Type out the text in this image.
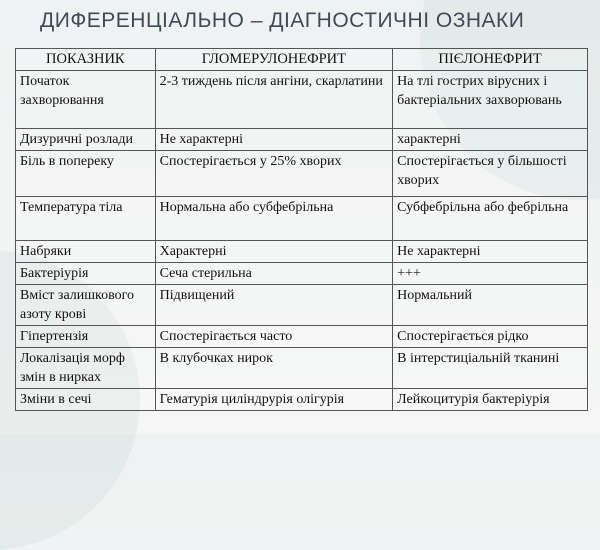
ДИФЕРЕНЦІАЛЬНО – ДІАГНОСТИЧНІ ОЗНАКИ
ПОКАЗНИК	ГЛОМЕРУЛОНЕФРИТ	ПІЄЛОНЕФРИТ
Початок захворювання	2-3 тиждень після ангіни, скарлатини	На тлі гострих вірусних і бактеріальних захворювань
Дизуричні розлади	Не характерні	характерні
Біль в попереку	Спостерігається у 25% хворих	Спостерігається у більшості хворих
Температура тіла	Нормальна або субфебрільна	Субфебрільна або фебрільна
Набряки	Характерні	Не характерні
Бактеріурія	Сеча стерильна	+++
Вміст залишкового азоту крові	Підвищений	Нормальний
Гіпертензія	Спостерігається часто	Спостерігається рідко
Локалізація морф змін в нирках	В клубочках нирок	В інтерстиціальній тканині
Зміни в сечі	Гематурія циліндрурія олігурія	Лейкоцитурія бактеріурія
